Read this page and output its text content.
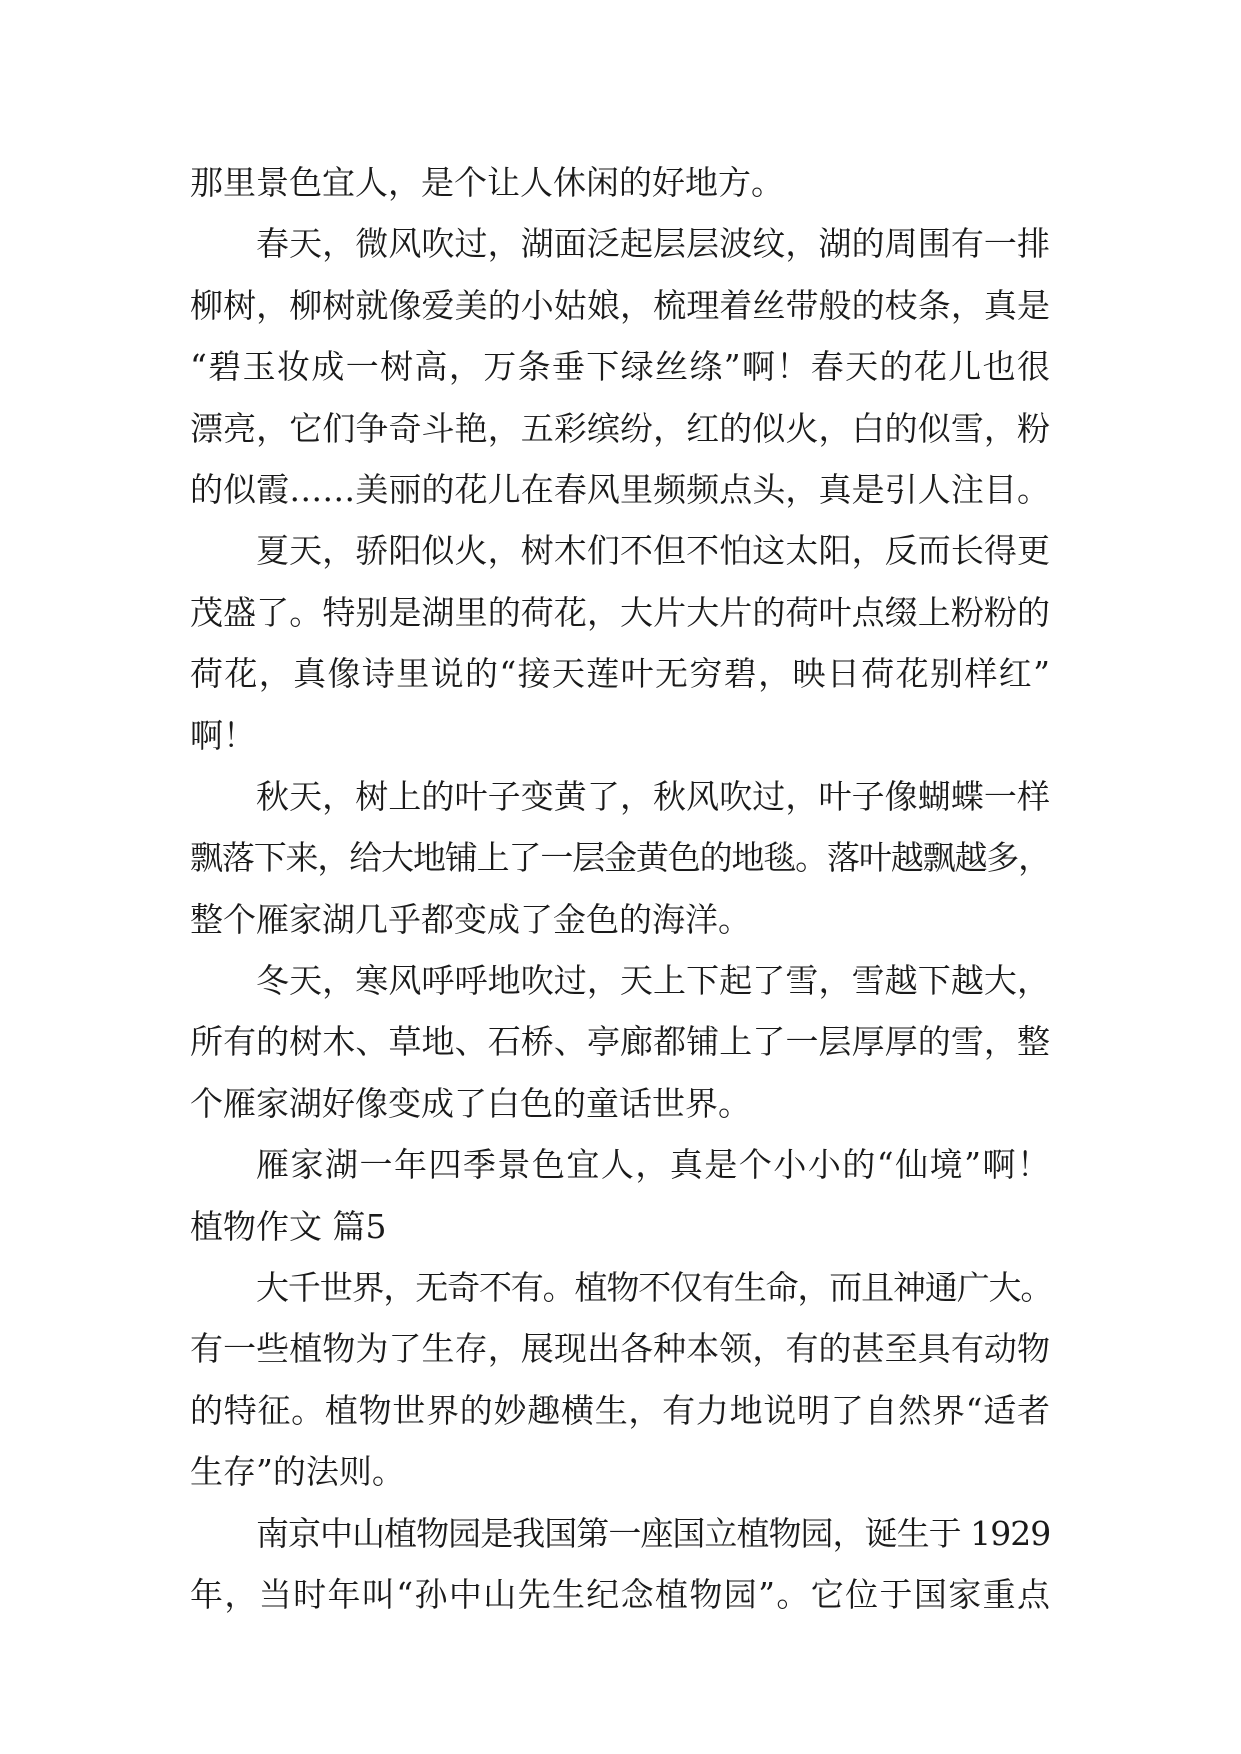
那里景色宜人，是个让人休闲的好地方。
春天，微风吹过，湖面泛起层层波纹，湖的周围有一排
柳树，柳树就像爱美的小姑娘，梳理着丝带般的枝条，真是
“碧玉妆成一树高，万条垂下绿丝绦”啊！春天的花儿也很
漂亮，它们争奇斗艳，五彩缤纷，红的似火，白的似雪，粉
的似霞……美丽的花儿在春风里频频点头，真是引人注目。
夏天，骄阳似火，树木们不但不怕这太阳，反而长得更
茂盛了。特别是湖里的荷花，大片大片的荷叶点缀上粉粉的
荷花，真像诗里说的“接天莲叶无穷碧，映日荷花别样红”
啊！
秋天，树上的叶子变黄了，秋风吹过，叶子像蝴蝶一样
飘落下来，给大地铺上了一层金黄色的地毯。落叶越飘越多，
整个雁家湖几乎都变成了金色的海洋。
冬天，寒风呼呼地吹过，天上下起了雪，雪越下越大，
所有的树木、草地、石桥、亭廊都铺上了一层厚厚的雪，整
个雁家湖好像变成了白色的童话世界。
雁家湖一年四季景色宜人，真是个小小的“仙境”啊！
植物作文 篇5
大千世界，无奇不有。植物不仅有生命，而且神通广大。
有一些植物为了生存，展现出各种本领，有的甚至具有动物
的特征。植物世界的妙趣横生，有力地说明了自然界“适者
生存”的法则。
南京中山植物园是我国第一座国立植物园，诞生于 1929
年，当时年叫“孙中山先生纪念植物园”。它位于国家重点
